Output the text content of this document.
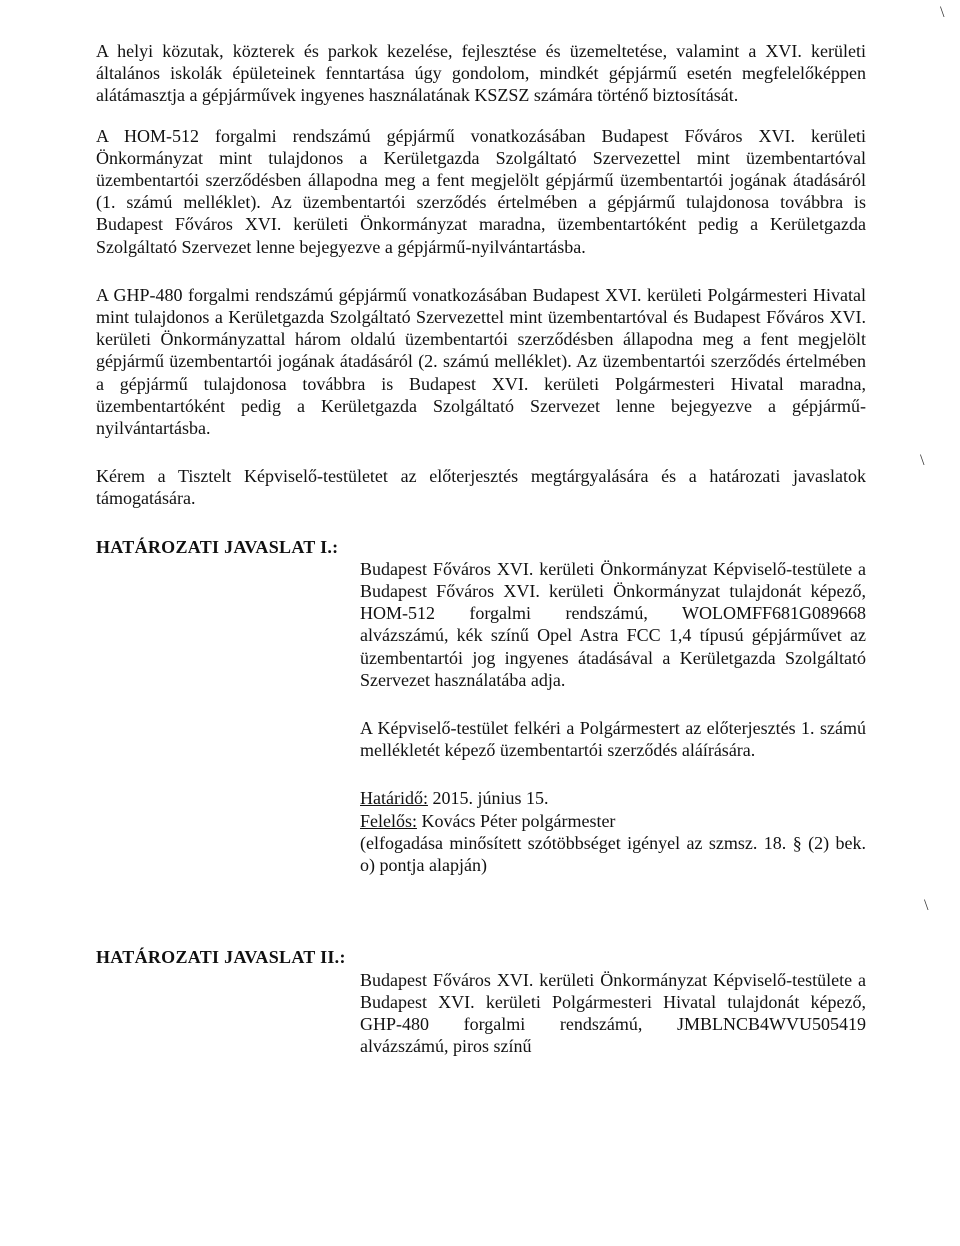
A helyi közutak, közterek és parkok kezelése, fejlesztése és üzemeltetése, valamint a XVI. kerületi általános iskolák épületeinek fenntartása úgy gondolom, mindkét gépjármű esetén megfelelőképpen alátámasztja a gépjárművek ingyenes használatának KSZSZ számára történő biztosítását.

A HOM-512 forgalmi rendszámú gépjármű vonatkozásában Budapest Főváros XVI. kerületi Önkormányzat mint tulajdonos a Kerületgazda Szolgáltató Szervezettel mint üzembentartóval üzembentartói szerződésben állapodna meg a fent megjelölt gépjármű üzembentartói jogának átadásáról (1. számú melléklet). Az üzembentartói szerződés értelmében a gépjármű tulajdonosa továbbra is Budapest Főváros XVI. kerületi Önkormányzat maradna, üzembentartóként pedig a Kerületgazda Szolgáltató Szervezet lenne bejegyezve a gépjármű-nyilvántartásba.

A GHP-480 forgalmi rendszámú gépjármű vonatkozásában Budapest XVI. kerületi Polgármesteri Hivatal mint tulajdonos a Kerületgazda Szolgáltató Szervezettel mint üzembentartóval és Budapest Főváros XVI. kerületi Önkormányzattal három oldalú üzembentartói szerződésben állapodna meg a fent megjelölt gépjármű üzembentartói jogának átadásáról (2. számú melléklet). Az üzembentartói szerződés értelmében a gépjármű tulajdonosa továbbra is Budapest XVI. kerületi Polgármesteri Hivatal maradna, üzembentartóként pedig a Kerületgazda Szolgáltató Szervezet lenne bejegyezve a gépjármű-nyilvántartásba.

Kérem a Tisztelt Képviselő-testületet az előterjesztés megtárgyalására és a határozati javaslatok támogatására.

HATÁROZATI JAVASLAT I.:

Budapest Főváros XVI. kerületi Önkormányzat Képviselő-testülete a Budapest Főváros XVI. kerületi Önkormányzat tulajdonát képező, HOM-512 forgalmi rendszámú, WOLOMFF681G089668 alvázszámú, kék színű Opel Astra FCC 1,4 típusú gépjárművet az üzembentartói jog ingyenes átadásával a Kerületgazda Szolgáltató Szervezet használatába adja.

A Képviselő-testület felkéri a Polgármestert az előterjesztés 1. számú mellékletét képező üzembentartói szerződés aláírására.

Határidő: 2015. június 15.
Felelős: Kovács Péter polgármester
(elfogadása minősített szótöbbséget igényel az szmsz. 18. § (2) bek. o) pontja alapján)
HATÁROZATI JAVASLAT II.:

Budapest Főváros XVI. kerületi Önkormányzat Képviselő-testülete a Budapest XVI. kerületi Polgármesteri Hivatal tulajdonát képező, GHP-480 forgalmi rendszámú, JMBLNCB4WVU505419 alvázszámú, piros színű

\
\
\
